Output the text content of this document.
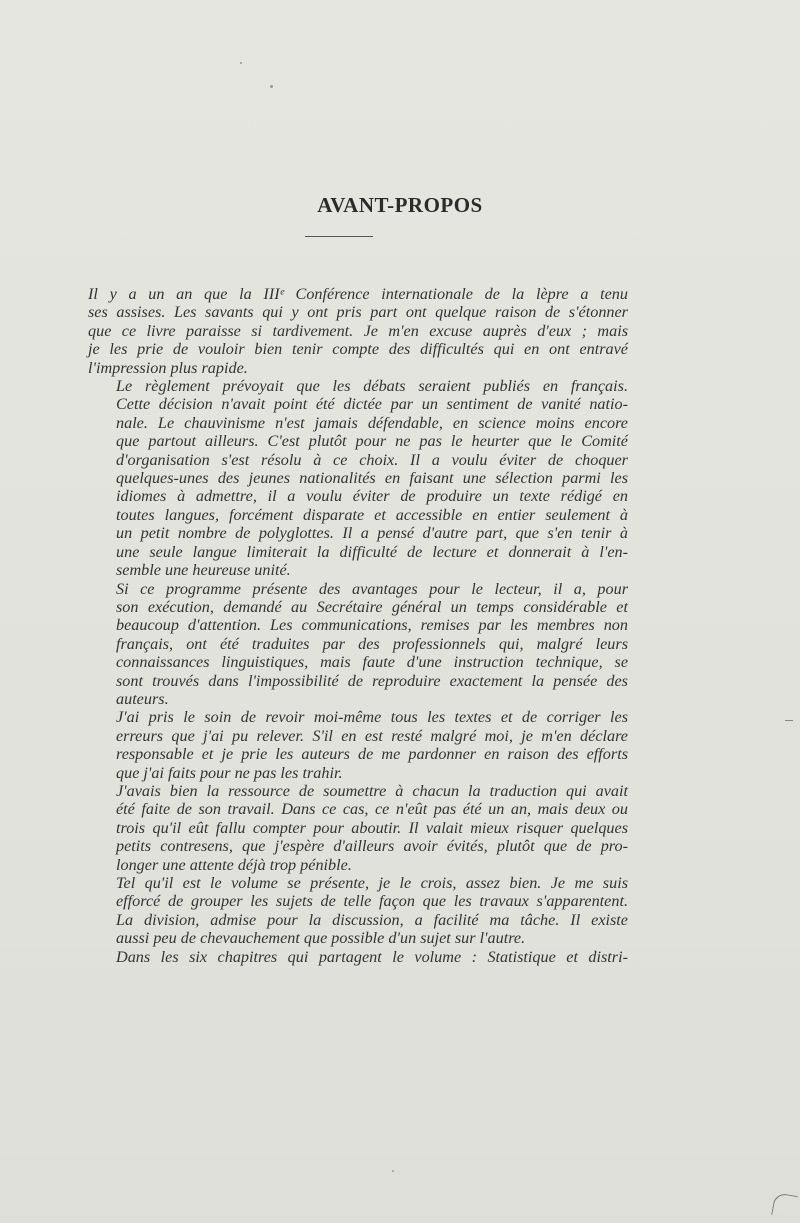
AVANT-PROPOS

Il y a un an que la IIIᵉ Conférence internationale de la lèpre a tenu
ses assises. Les savants qui y ont pris part ont quelque raison de s'étonner
que ce livre paraisse si tardivement. Je m'en excuse auprès d'eux ; mais
je les prie de vouloir bien tenir compte des difficultés qui en ont entravé
l'impression plus rapide.

Le règlement prévoyait que les débats seraient publiés en français.
Cette décision n'avait point été dictée par un sentiment de vanité natio-
nale. Le chauvinisme n'est jamais défendable, en science moins encore
que partout ailleurs. C'est plutôt pour ne pas le heurter que le Comité
d'organisation s'est résolu à ce choix. Il a voulu éviter de choquer
quelques-unes des jeunes nationalités en faisant une sélection parmi les
idiomes à admettre, il a voulu éviter de produire un texte rédigé en
toutes langues, forcément disparate et accessible en entier seulement à
un petit nombre de polyglottes. Il a pensé d'autre part, que s'en tenir à
une seule langue limiterait la difficulté de lecture et donnerait à l'en-
semble une heureuse unité.

Si ce programme présente des avantages pour le lecteur, il a, pour
son exécution, demandé au Secrétaire général un temps considérable et
beaucoup d'attention. Les communications, remises par les membres non
français, ont été traduites par des professionnels qui, malgré leurs
connaissances linguistiques, mais faute d'une instruction technique, se
sont trouvés dans l'impossibilité de reproduire exactement la pensée des
auteurs.

J'ai pris le soin de revoir moi-même tous les textes et de corriger les
erreurs que j'ai pu relever. S'il en est resté malgré moi, je m'en déclare
responsable et je prie les auteurs de me pardonner en raison des efforts
que j'ai faits pour ne pas les trahir.

J'avais bien la ressource de soumettre à chacun la traduction qui avait
été faite de son travail. Dans ce cas, ce n'eût pas été un an, mais deux ou
trois qu'il eût fallu compter pour aboutir. Il valait mieux risquer quelques
petits contresens, que j'espère d'ailleurs avoir évités, plutôt que de pro-
longer une attente déjà trop pénible.

Tel qu'il est le volume se présente, je le crois, assez bien. Je me suis
efforcé de grouper les sujets de telle façon que les travaux s'apparentent.
La division, admise pour la discussion, a facilité ma tâche. Il existe
aussi peu de chevauchement que possible d'un sujet sur l'autre.

Dans les six chapitres qui partagent le volume : Statistique et distri-
